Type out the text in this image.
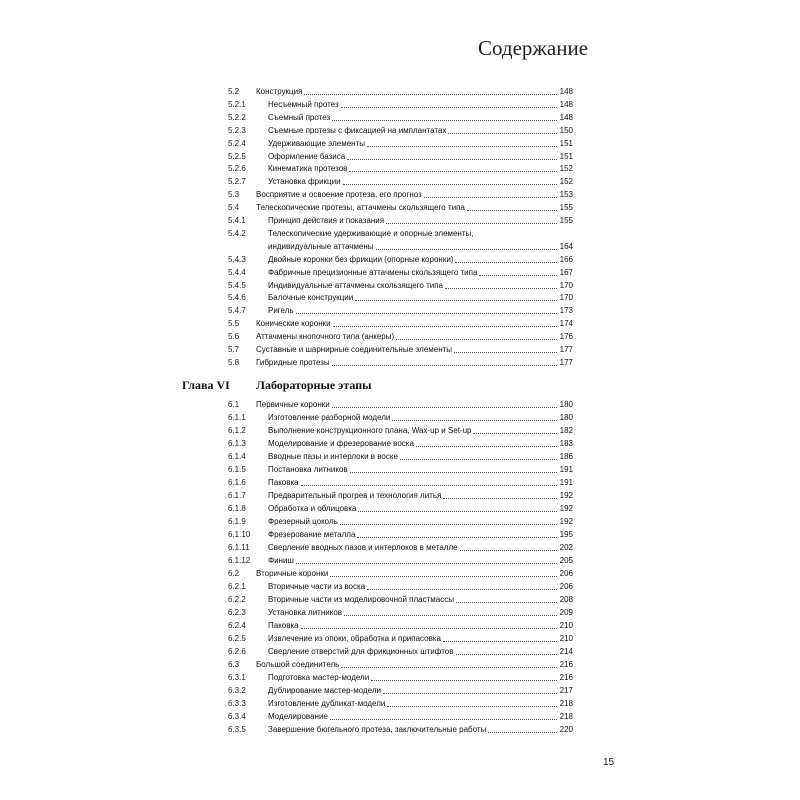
Содержание
5.2 Конструкция	148
5.2.1	Несъемный протез	148
5.2.2	Съемный протез	148
5.2.3	Съемные протезы с фиксацией на имплантатах	150
5.2.4	Удерживающие элементы	151
5.2.5	Оформление базиса	151
5.2.6	Кинематика протезов	152
5.2.7	Установка фрикции	152
5.3 Восприятие и освоение протеза, его прогноз	153
5.4 Телескопические протезы, аттачмены скользящего типа	155
5.4.1	Принцип действия и показания	155
5.4.2	Телескопические удерживающие и опорные элементы,
индивидуальные аттачмены	164
5.4.3	Двойные коронки без фрикции (опорные коронки)	166
5.4.4	Фабричные прецизионные аттачмены скользящего типа	167
5.4.5	Индивидуальные аттачмены скользящего типа	170
5.4.6	Балочные конструкции	170
5.4.7	Ригель	173
5.5 Конические коронки	174
5.6 Аттачмены кнопочного типа (анкеры)	176
5.7 Суставные и шарнирные соединительные элементы	177
5.8 Гибридные протезы	177
Глава VI Лабораторные этапы
6.1 Первичные коронки	180
6.1.1	Изготовление разборной модели	180
6.1.2	Выполнение конструкционного плана, Wax-up и Set-up	182
6.1.3	Моделирование и фрезерование воска	183
6.1.4	Вводные пазы и интерлоки в воске	186
6.1.5	Постановка литников	191
6.1.6	Паковка	191
6.1.7	Предварительный прогрев и технология литья	192
6.1.8	Обработка и облицовка	192
6.1.9	Фрезерный цоколь	192
6.1.10 Фрезерование металла	195
6.1.11 Сверление вводных пазов и интерлоков в металле	202
6.1.12 Финиш	205
6.2 Вторичные коронки	206
6.2.1	Вторичные части из воска	206
6.2.2	Вторичные части из моделировочной пластмассы	208
6.2.3	Установка литников	209
6.2.4	Паковка	210
6.2.5	Извлечение из опоки, обработка и припасовка	210
6.2.6	Сверление отверстий для фрикционных штифтов	214
6.3 Большой соединитель	216
6.3.1	Подготовка мастер-модели	216
6.3.2	Дублирование мастер-модели	217
6.3.3	Изготовление дубликат-модели	218
6.3.4	Моделирование	218
6.3.5	Завершение бюгельного протеза, заключительные работы	220
15
